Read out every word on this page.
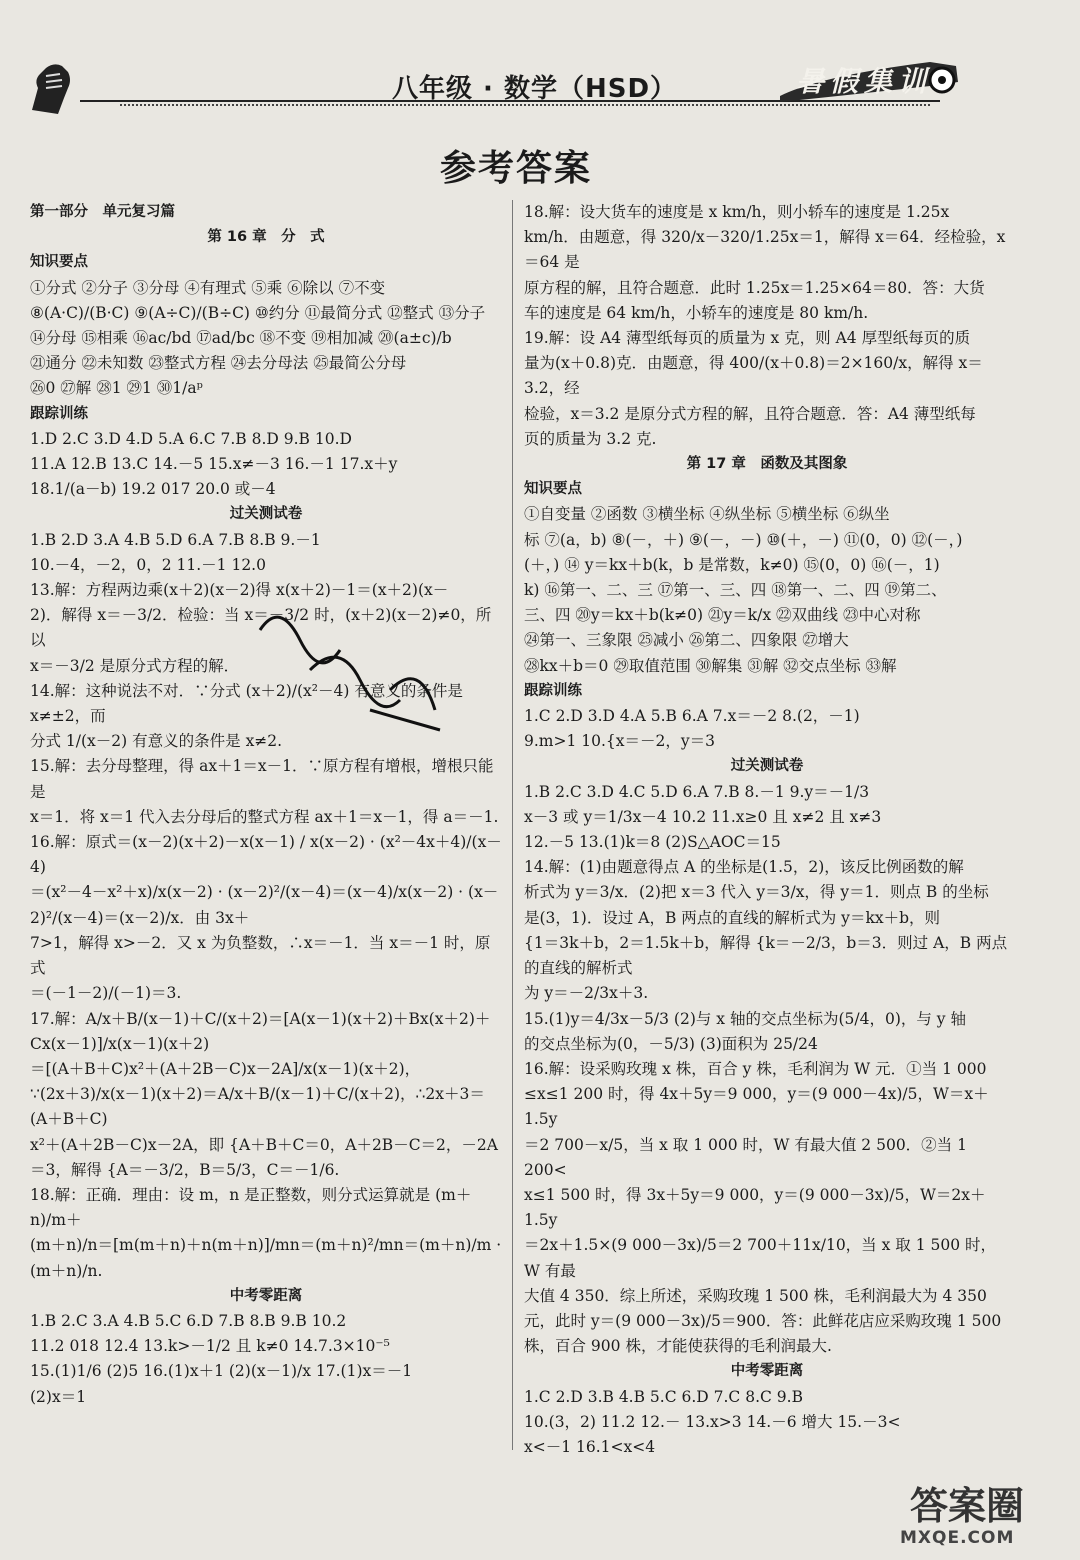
八年级 · 数学（HSD）	暑假集训
参考答案
第一部分　单元复习篇
第 16 章　分　式
知识要点
①分式 ②分子 ③分母 ④有理式 ⑤乘 ⑥除以 ⑦不变
⑧(A·C)/(B·C) ⑨(A÷C)/(B÷C) ⑩约分 ⑪最简分式 ⑫整式 ⑬分子
⑭分母 ⑮相乘 ⑯ac/bd ⑰ad/bc ⑱不变 ⑲相加减 ⑳(a±c)/b
㉑通分 ㉒未知数 ㉓整式方程 ㉔去分母法 ㉕最简公分母
㉖0 ㉗解 ㉘1 ㉙1 ㉚1/aᵖ
跟踪训练
1.D 2.C 3.D 4.D 5.A 6.C 7.B 8.D 9.B 10.D
11.A 12.B 13.C 14.－5 15.x≠－3 16.－1 17.x＋y
18.1/(a－b) 19.2 017 20.0 或－4
过关测试卷
1.B 2.D 3.A 4.B 5.D 6.A 7.B 8.B 9.－1
10.－4，－2，0，2 11.－1 12.0
13.解：方程两边乘(x＋2)(x－2)得 x(x＋2)－1＝(x＋2)(x－
2)．解得 x＝－3/2．检验：当 x＝－3/2 时，(x＋2)(x－2)≠0，所以
x＝－3/2 是原分式方程的解．
14.解：这种说法不对．∵分式 (x＋2)/(x²－4) 有意义的条件是 x≠±2，而
分式 1/(x－2) 有意义的条件是 x≠2.
15.解：去分母整理，得 ax＋1＝x－1．∵原方程有增根，增根只能是
x＝1．将 x＝1 代入去分母后的整式方程 ax＋1＝x－1，得 a＝－1.
16.解：原式＝(x－2)(x＋2)－x(x－1) / x(x－2) · (x²－4x＋4)/(x－4)
＝(x²－4－x²＋x)/x(x－2) · (x－2)²/(x－4)＝(x－4)/x(x－2) · (x－2)²/(x－4)＝(x－2)/x．由 3x＋
7>1，解得 x>－2．又 x 为负整数，∴x＝－1．当 x＝－1 时，原式
＝(－1－2)/(－1)＝3.
17.解：A/x＋B/(x－1)＋C/(x＋2)＝[A(x－1)(x＋2)＋Bx(x＋2)＋Cx(x－1)]/x(x－1)(x＋2)
＝[(A＋B＋C)x²＋(A＋2B－C)x－2A]/x(x－1)(x＋2)，
∵(2x＋3)/x(x－1)(x＋2)＝A/x＋B/(x－1)＋C/(x＋2)，∴2x＋3＝(A＋B＋C)
x²＋(A＋2B－C)x－2A，即 {A＋B＋C＝0，A＋2B－C＝2，－2A＝3，解得 {A＝－3/2，B＝5/3，C＝－1/6.
18.解：正确．理由：设 m，n 是正整数，则分式运算就是 (m＋n)/m＋
(m＋n)/n＝[m(m＋n)＋n(m＋n)]/mn＝(m＋n)²/mn＝(m＋n)/m · (m＋n)/n.
中考零距离
1.B 2.C 3.A 4.B 5.C 6.D 7.B 8.B 9.B 10.2
11.2 018 12.4 13.k>－1/2 且 k≠0 14.7.3×10⁻⁵
15.(1)1/6 (2)5 16.(1)x＋1 (2)(x－1)/x 17.(1)x＝－1
(2)x＝1
18.解：设大货车的速度是 x km/h，则小轿车的速度是 1.25x
km/h．由题意，得 320/x－320/1.25x＝1，解得 x＝64．经检验，x＝64 是
原方程的解，且符合题意．此时 1.25x＝1.25×64＝80．答：大货
车的速度是 64 km/h，小轿车的速度是 80 km/h.
19.解：设 A4 薄型纸每页的质量为 x 克，则 A4 厚型纸每页的质
量为(x＋0.8)克．由题意，得 400/(x＋0.8)＝2×160/x，解得 x＝3.2，经
检验，x＝3.2 是原分式方程的解，且符合题意．答：A4 薄型纸每
页的质量为 3.2 克.
第 17 章　函数及其图象
知识要点
①自变量 ②函数 ③横坐标 ④纵坐标 ⑤横坐标 ⑥纵坐
标 ⑦(a，b) ⑧(－，＋) ⑨(－，－) ⑩(＋，－) ⑪(0，0) ⑫(－，)
(＋，) ⑭ y＝kx＋b(k，b 是常数，k≠0) ⑮(0，0) ⑯(－，1)
k) ⑯第一、二、三 ⑰第一、三、四 ⑱第一、二、四 ⑲第二、
三、四 ⑳y＝kx＋b(k≠0) ㉑y＝k/x ㉒双曲线 ㉓中心对称
㉔第一、三象限 ㉕减小 ㉖第二、四象限 ㉗增大
㉘kx＋b＝0 ㉙取值范围 ㉚解集 ㉛解 ㉜交点坐标 ㉝解
跟踪训练
1.C 2.D 3.D 4.A 5.B 6.A 7.x＝－2 8.(2，－1)
9.m>1 10.{x＝－2，y＝3
过关测试卷
1.B 2.C 3.D 4.C 5.D 6.A 7.B 8.－1 9.y＝－1/3
x－3 或 y＝1/3x－4 10.2 11.x≥0 且 x≠2 且 x≠3
12.－5 13.(1)k＝8 (2)S△AOC＝15
14.解：(1)由题意得点 A 的坐标是(1.5，2)，该反比例函数的解
析式为 y＝3/x．(2)把 x＝3 代入 y＝3/x，得 y＝1．则点 B 的坐标
是(3，1)．设过 A，B 两点的直线的解析式为 y＝kx＋b，则
{1＝3k＋b，2＝1.5k＋b，解得 {k＝－2/3，b＝3．则过 A，B 两点的直线的解析式
为 y＝－2/3x＋3.
15.(1)y＝4/3x－5/3 (2)与 x 轴的交点坐标为(5/4，0)，与 y 轴
的交点坐标为(0，－5/3) (3)面积为 25/24
16.解：设采购玫瑰 x 株，百合 y 株，毛利润为 W 元．①当 1 000
≤x≤1 200 时，得 4x＋5y＝9 000，y＝(9 000－4x)/5，W＝x＋1.5y
＝2 700－x/5，当 x 取 1 000 时，W 有最大值 2 500．②当 1 200<
x≤1 500 时，得 3x＋5y＝9 000，y＝(9 000－3x)/5，W＝2x＋1.5y
＝2x＋1.5×(9 000－3x)/5＝2 700＋11x/10，当 x 取 1 500 时，W 有最
大值 4 350．综上所述，采购玫瑰 1 500 株，毛利润最大为 4 350
元，此时 y＝(9 000－3x)/5＝900．答：此鲜花店应采购玫瑰 1 500
株，百合 900 株，才能使获得的毛利润最大.
中考零距离
1.C 2.D 3.B 4.B 5.C 6.D 7.C 8.C 9.B
10.(3，2) 11.2 12.－ 13.x>3 14.－6 增大 15.－3<
x<－1 16.1<x<4
答案圈
MXQE.COM
